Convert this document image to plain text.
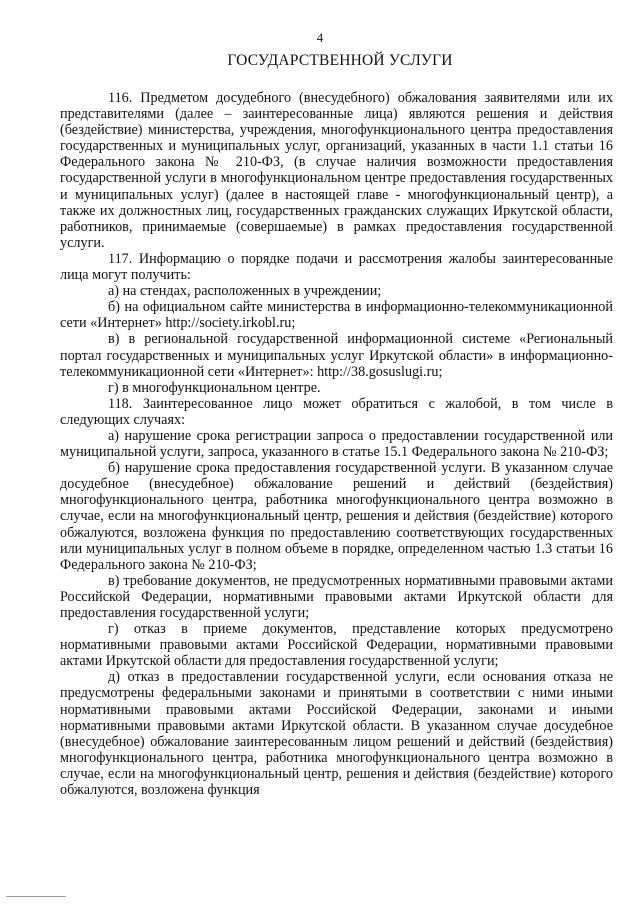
4
ГОСУДАРСТВЕННОЙ УСЛУГИ

116. Предметом досудебного (внесудебного) обжалования заявителями или их представителями (далее – заинтересованные лица) являются решения и действия (бездействие) министерства, учреждения, многофункционального центра предоставления государственных и муниципальных услуг, организаций, указанных в части 1.1 статьи 16 Федерального закона № 210-ФЗ, (в случае наличия возможности предоставления государственной услуги в многофункциональном центре предоставления государственных и муниципальных услуг) (далее в настоящей главе - многофункциональный центр), а также их должностных лиц, государственных гражданских служащих Иркутской области, работников, принимаемые (совершаемые) в рамках предоставления государственной услуги.

117. Информацию о порядке подачи и рассмотрения жалобы заинтересованные лица могут получить:

а) на стендах, расположенных в учреждении;

б) на официальном сайте министерства в информационно-телекоммуникационной сети «Интернет» http://society.irkobl.ru;

в) в региональной государственной информационной системе «Региональный портал государственных и муниципальных услуг Иркутской области» в информационно-телекоммуникационной сети «Интернет»: http://38.gosuslugi.ru;

г) в многофункциональном центре.

118. Заинтересованное лицо может обратиться с жалобой, в том числе в следующих случаях:

а) нарушение срока регистрации запроса о предоставлении государственной или муниципальной услуги, запроса, указанного в статье 15.1 Федерального закона № 210-ФЗ;

б) нарушение срока предоставления государственной услуги. В указанном случае досудебное (внесудебное) обжалование решений и действий (бездействия) многофункционального центра, работника многофункционального центра возможно в случае, если на многофункциональный центр, решения и действия (бездействие) которого обжалуются, возложена функция по предоставлению соответствующих государственных или муниципальных услуг в полном объеме в порядке, определенном частью 1.3 статьи 16 Федерального закона № 210-ФЗ;

в) требование документов, не предусмотренных нормативными правовыми актами Российской Федерации, нормативными правовыми актами Иркутской области для предоставления государственной услуги;

г) отказ в приеме документов, представление которых предусмотрено нормативными правовыми актами Российской Федерации, нормативными правовыми актами Иркутской области для предоставления государственной услуги;

д) отказ в предоставлении государственной услуги, если основания отказа не предусмотрены федеральными законами и принятыми в соответствии с ними иными нормативными правовыми актами Российской Федерации, законами и иными нормативными правовыми актами Иркутской области. В указанном случае досудебное (внесудебное) обжалование заинтересованным лицом решений и действий (бездействия) многофункционального центра, работника многофункционального центра возможно в случае, если на многофункциональный центр, решения и действия (бездействие) которого обжалуются, возложена функция
